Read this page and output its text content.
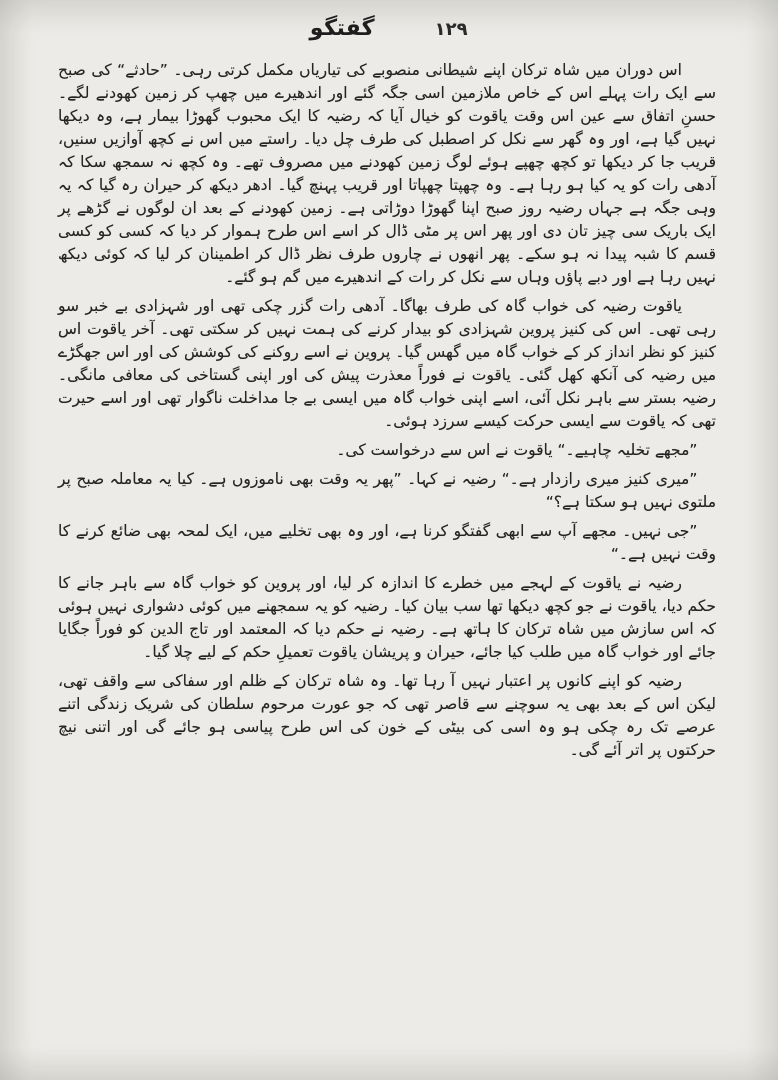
۱۲۹
گفتگو

اس دوران میں شاہ ترکان اپنے شیطانی منصوبے کی تیاریاں مکمل کرتی رہی۔ ”حادثے“ کی صبح سے ایک رات پہلے اس کے خاص ملازمین اسی جگہ گئے اور اندھیرے میں چھپ کر زمین کھودنے لگے۔ حسنِ اتفاق سے عین اس وقت یاقوت کو خیال آیا کہ رضیہ کا ایک محبوب گھوڑا بیمار ہے، وہ دیکھا نہیں گیا ہے، اور وہ گھر سے نکل کر اصطبل کی طرف چل دیا۔ راستے میں اس نے کچھ آوازیں سنیں، قریب جا کر دیکھا تو کچھ چھپے ہوئے لوگ زمین کھودنے میں مصروف تھے۔ وہ کچھ نہ سمجھ سکا کہ آدھی رات کو یہ کیا ہو رہا ہے۔ وہ چھپتا چھپاتا اور قریب پہنچ گیا۔ ادھر دیکھ کر حیران رہ گیا کہ یہ وہی جگہ ہے جہاں رضیہ روز صبح اپنا گھوڑا دوڑاتی ہے۔ زمین کھودنے کے بعد ان لوگوں نے گڑھے پر ایک باریک سی چیز تان دی اور پھر اس پر مٹی ڈال کر اسے اس طرح ہموار کر دیا کہ کسی کو کسی قسم کا شبہ پیدا نہ ہو سکے۔ پھر انھوں نے چاروں طرف نظر ڈال کر اطمینان کر لیا کہ کوئی دیکھ نہیں رہا ہے اور دبے پاؤں وہاں سے نکل کر رات کے اندھیرے میں گم ہو گئے۔

یاقوت رضیہ کی خواب گاہ کی طرف بھاگا۔ آدھی رات گزر چکی تھی اور شہزادی بے خبر سو رہی تھی۔ اس کی کنیز پروین شہزادی کو بیدار کرنے کی ہمت نہیں کر سکتی تھی۔ آخر یاقوت اس کنیز کو نظر انداز کر کے خواب گاہ میں گھس گیا۔ پروین نے اسے روکنے کی کوشش کی اور اس جھگڑے میں رضیہ کی آنکھ کھل گئی۔ یاقوت نے فوراً معذرت پیش کی اور اپنی گستاخی کی معافی مانگی۔ رضیہ بستر سے باہر نکل آئی، اسے اپنی خواب گاہ میں ایسی بے جا مداخلت ناگوار تھی اور اسے حیرت تھی کہ یاقوت سے ایسی حرکت کیسے سرزد ہوئی۔

”مجھے تخلیہ چاہیے۔“ یاقوت نے اس سے درخواست کی۔

”میری کنیز میری رازدار ہے۔“ رضیہ نے کہا۔ ”پھر یہ وقت بھی ناموزوں ہے۔ کیا یہ معاملہ صبح پر ملتوی نہیں ہو سکتا ہے؟“

”جی نہیں۔ مجھے آپ سے ابھی گفتگو کرنا ہے، اور وہ بھی تخلیے میں، ایک لمحہ بھی ضائع کرنے کا وقت نہیں ہے۔“

رضیہ نے یاقوت کے لہجے میں خطرے کا اندازہ کر لیا، اور پروین کو خواب گاہ سے باہر جانے کا حکم دیا، یاقوت نے جو کچھ دیکھا تھا سب بیان کیا۔ رضیہ کو یہ سمجھنے میں کوئی دشواری نہیں ہوئی کہ اس سازش میں شاہ ترکان کا ہاتھ ہے۔ رضیہ نے حکم دیا کہ المعتمد اور تاج الدین کو فوراً جگایا جائے اور خواب گاہ میں طلب کیا جائے، حیران و پریشان یاقوت تعمیلِ حکم کے لیے چلا گیا۔

رضیہ کو اپنے کانوں پر اعتبار نہیں آ رہا تھا۔ وہ شاہ ترکان کے ظلم اور سفاکی سے واقف تھی، لیکن اس کے بعد بھی یہ سوچنے سے قاصر تھی کہ جو عورت مرحوم سلطان کی شریک زندگی اتنے عرصے تک رہ چکی ہو وہ اسی کی بیٹی کے خون کی اس طرح پیاسی ہو جائے گی اور اتنی نیچ حرکتوں پر اتر آئے گی۔
